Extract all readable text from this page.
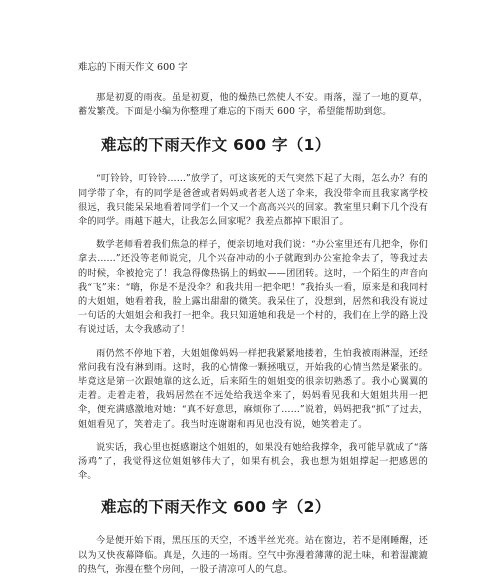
难忘的下雨天作文 600 字

那是初夏的雨夜。虽是初夏，他的燥热已然使人不安。雨落，湿了一地的夏草，蓄发繁茂。下面是小编为你整理了难忘的下雨天 600 字，希望能帮助到您。

难忘的下雨天作文 600 字（1）

“叮铃铃，叮铃铃……”放学了，可这该死的天气突然下起了大雨，怎么办？有的同学带了伞，有的同学是爸爸或者妈妈或者老人送了伞来，我没带伞而且我家离学校很远，我只能呆呆地看着同学们一个又一个高高兴兴的回家。教室里只剩下几个没有伞的同学。雨越下越大，让我怎么回家呢？我差点都掉下眼泪了。

数学老师看着我们焦急的样子，便亲切地对我们说：“办公室里还有几把伞，你们拿去……”还没等老师说完，几个兴奋冲动的小子就跑到办公室抢伞去了，等我过去的时候，伞被抢完了！我急得像热锅上的蚂蚁——团团转。这时，一个陌生的声音向我“飞”来：“嗨，你是不是没伞？和我共用一把伞吧！”我抬头一看，原来是和我同村的大姐姐，她看着我，脸上露出甜甜的微笑。我呆住了，没想到，居然和我没有说过一句话的大姐姐会和我打一把伞。我只知道她和我是一个村的，我们在上学的路上没有说过话，太令我感动了！

雨仍然不停地下着，大姐姐像妈妈一样把我紧紧地搂着，生怕我被雨淋湿，还经常问我有没有淋到雨。这时，我的心情像一颗拯哦豆，开始我的心情当然是紧张的。毕竟这是第一次跟她靠的这么近，后来陌生的姐姐变的很亲切熟悉了。我小心翼翼的走着。走着走着，我妈居然在不远处给我送伞来了，妈妈看见我和大姐姐共用一把伞，便充满感激地对她：“真不好意思，麻烦你了……”说着，妈妈把我“抓”了过去，姐姐看见了，笑着走了。我当时连谢谢和再见也没有说，她笑着走了。

说实话，我心里也挺感谢这个姐姐的，如果没有她给我撑伞，我可能早就成了“落汤鸡”了，我觉得这位姐姐够伟大了，如果有机会，我也想为姐姐撑起一把感恩的伞。

难忘的下雨天作文 600 字（2）

今是便开始下雨，黑压压的天空，不透半丝光亮。站在窗边，若不是刚睡醒，还以为又快夜幕降临。真是，久违的一场雨。空气中弥漫着薄薄的泥土味，和着湿漉漉的热气，弥漫在整个房间，一股子清凉可人的气息。
